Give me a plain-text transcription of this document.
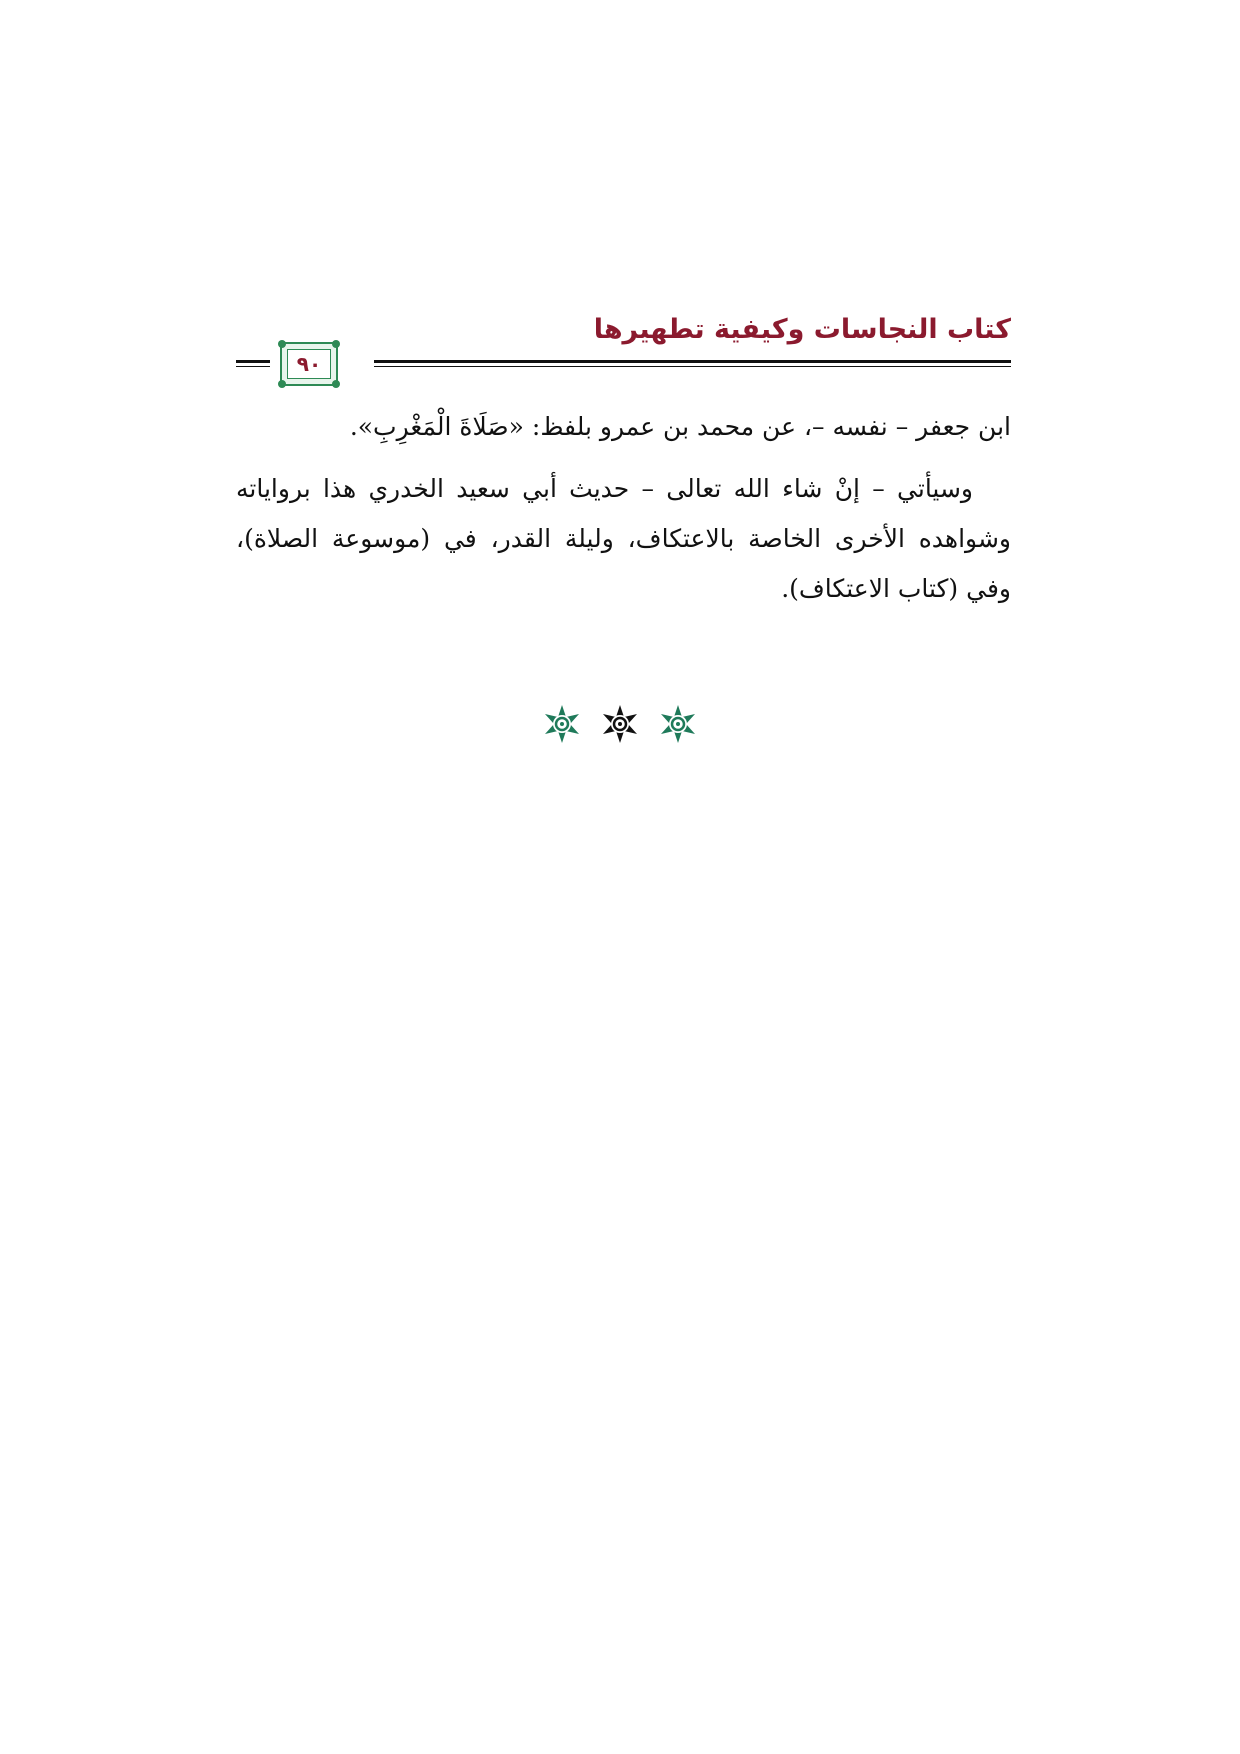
كتاب النجاسات وكيفية تطهيرها
٩٠

ابن جعفر – نفسه –، عن محمد بن عمرو بلفظ: «صَلَاةَ الْمَغْرِبِ».

وسيأتي – إنْ شاء الله تعالى – حديث أبي سعيد الخدري هذا برواياته وشواهده الأخرى الخاصة بالاعتكاف، وليلة القدر، في (موسوعة الصلاة)، وفي (كتاب الاعتكاف).
